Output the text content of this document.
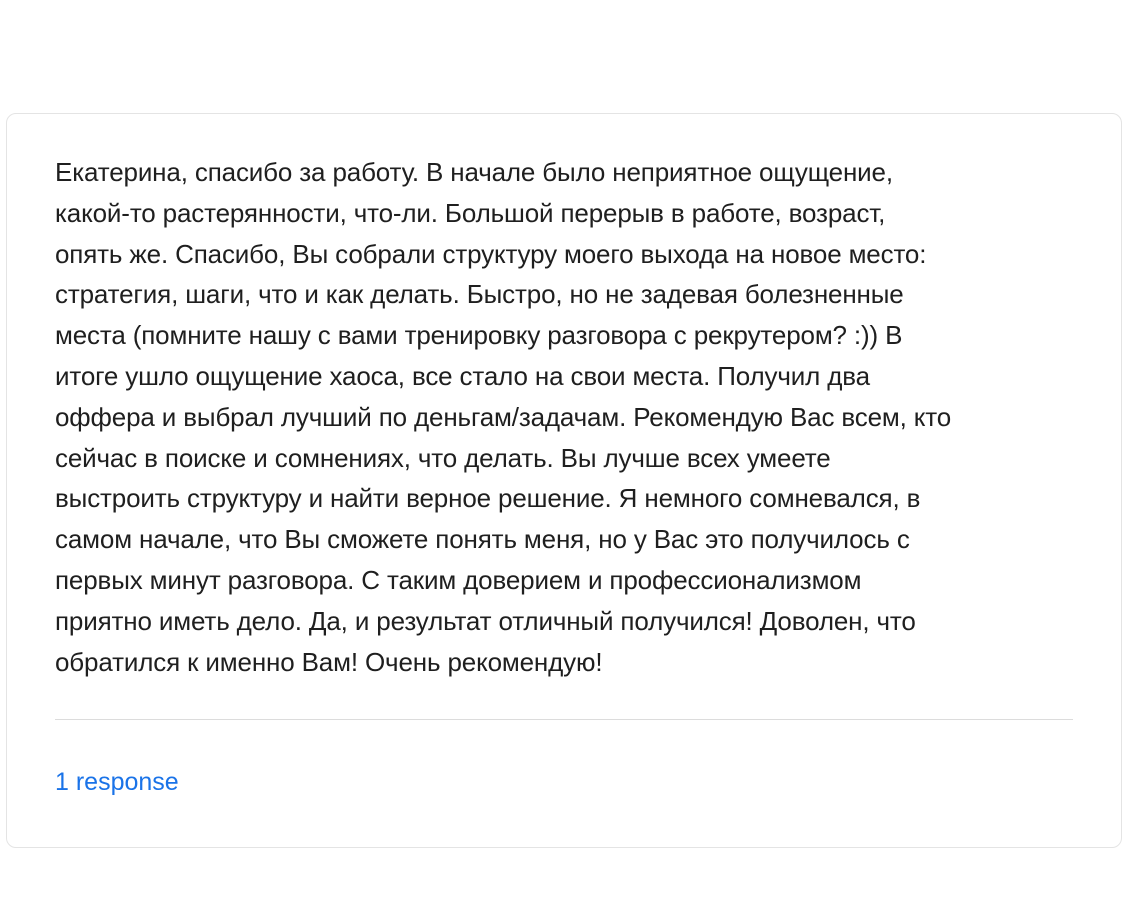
Екатерина, спасибо за работу. В начале было неприятное ощущение,
какой-то растерянности, что-ли. Большой перерыв в работе, возраст,
опять же. Спасибо, Вы собрали структуру моего выхода на новое место:
стратегия, шаги, что и как делать. Быстро, но не задевая болезненные
места (помните нашу с вами тренировку разговора с рекрутером? :)) В
итоге ушло ощущение хаоса, все стало на свои места. Получил два
оффера и выбрал лучший по деньгам/задачам. Рекомендую Вас всем, кто
сейчас в поиске и сомнениях, что делать. Вы лучше всех умеете
выстроить структуру и найти верное решение. Я немного сомневался, в
самом начале, что Вы сможете понять меня, но у Вас это получилось с
первых минут разговора. С таким доверием и профессионализмом
приятно иметь дело. Да, и результат отличный получился! Доволен, что
обратился к именно Вам! Очень рекомендую!

1 response
